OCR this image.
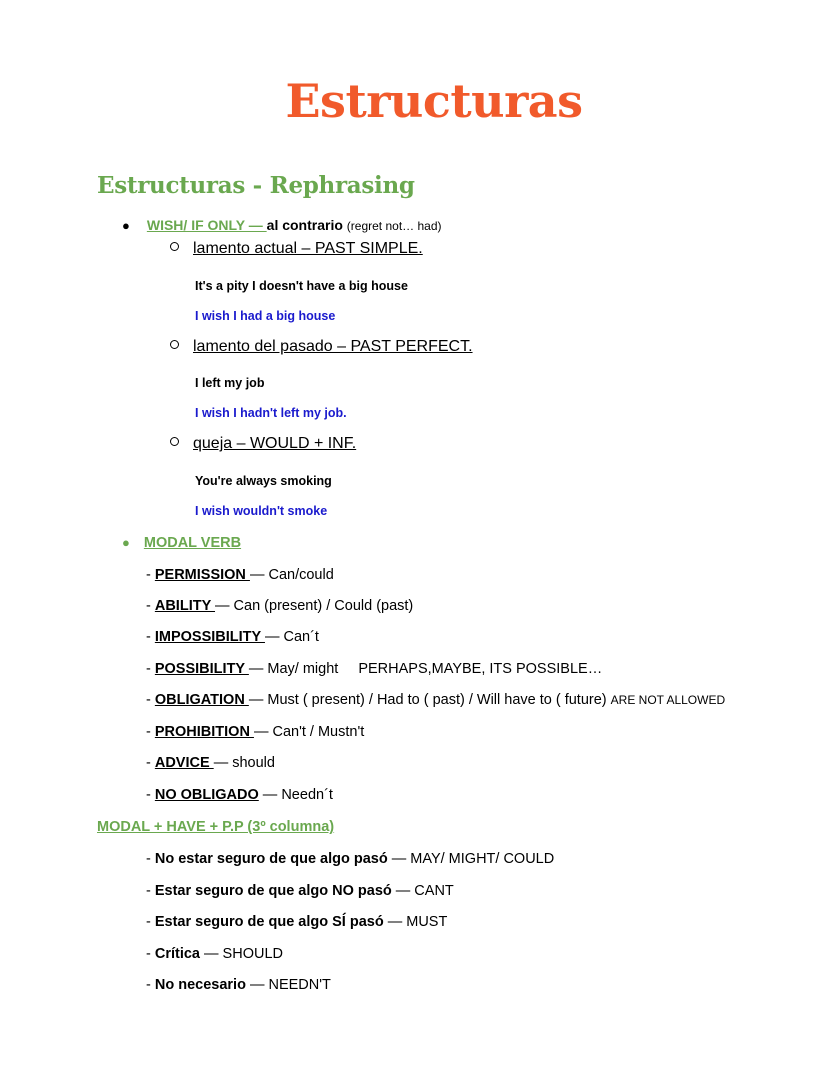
Estructuras
Estructuras - Rephrasing
● WISH/ IF ONLY — al contrario (regret not… had)
lamento actual – PAST SIMPLE.
It's a pity I doesn't have a big house
I wish I had a big house
lamento del pasado – PAST PERFECT.
I left my job
I wish I hadn't left my job.
queja – WOULD + INF.
You're always smoking
I wish wouldn't smoke
● MODAL VERB
- PERMISSION — Can/could
- ABILITY — Can (present) / Could (past)
- IMPOSSIBILITY — Can´t
- POSSIBILITY — May/ might PERHAPS,MAYBE, ITS POSSIBLE…
- OBLIGATION — Must ( present) / Had to ( past) / Will have to ( future) ARE NOT ALLOWED
- PROHIBITION — Can't / Mustn't
- ADVICE — should
- NO OBLIGADO — Needn´t
MODAL + HAVE + P.P (3º columna)
- No estar seguro de que algo pasó — MAY/ MIGHT/ COULD
- Estar seguro de que algo NO pasó — CANT
- Estar seguro de que algo SÍ pasó — MUST
- Crítica — SHOULD
- No necesario — NEEDN'T
